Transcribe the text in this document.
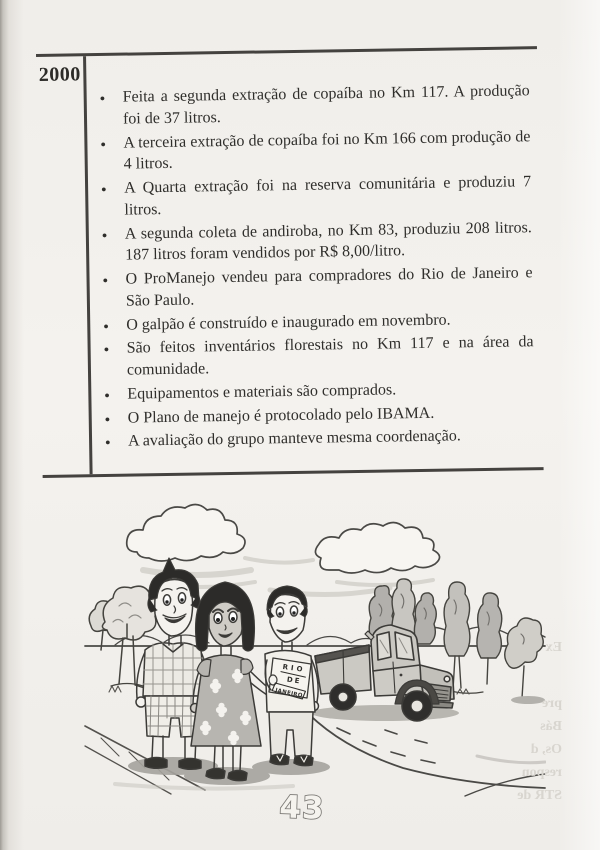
2000
● Feita a segunda extração de copaíba no Km 117. A produção foi de 37 litros.
● A terceira extração de copaíba foi no Km 166 com produção de 4 litros.
● A Quarta extração foi na reserva comunitária e produziu 7 litros.
● A segunda coleta de andiroba, no Km 83, produziu 208 litros. 187 litros foram vendidos por R$ 8,00/litro.
● O ProManejo vendeu para compradores do Rio de Janeiro e São Paulo.
● O galpão é construído e inaugurado em novembro.
● São feitos inventários florestais no Km 117 e na área da comunidade.
● Equipamentos e materiais são comprados.
● O Plano de manejo é protocolado pelo IBAMA.
● A avaliação do grupo manteve mesma coordenação.
RIO
DE
JANEIRO
Ex
pre
Bás
Os, d
respon
STR de
43
